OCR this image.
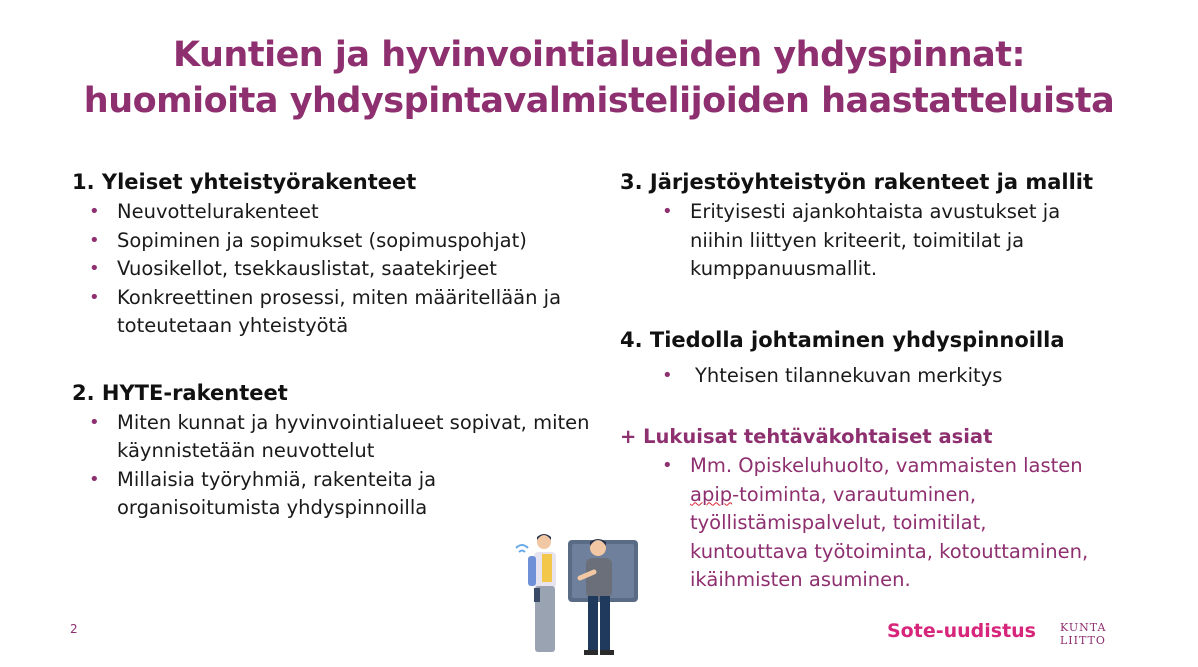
Kuntien ja hyvinvointialueiden yhdyspinnat:
huomioita yhdyspintavalmistelijoiden haastatteluista
1. Yleiset yhteistyörakenteet
• Neuvottelurakenteet
• Sopiminen ja sopimukset (sopimuspohjat)
• Vuosikellot, tsekkauslistat, saatekirjeet
• Konkreettinen prosessi, miten määritellään ja toteutetaan yhteistyötä
2. HYTE-rakenteet
• Miten kunnat ja hyvinvointialueet sopivat, miten käynnistetään neuvottelut
• Millaisia työryhmiä, rakenteita ja organisoitumista yhdyspinnoilla
3. Järjestöyhteistyön rakenteet ja mallit
• Erityisesti ajankohtaista avustukset ja niihin liittyen kriteerit, toimitilat ja kumppanuusmallit.
4. Tiedolla johtaminen yhdyspinnoilla
• Yhteisen tilannekuvan merkitys
+ Lukuisat tehtäväkohtaiset asiat
• Mm. Opiskeluhuolto, vammaisten lasten apip-toiminta, varautuminen, työllistämispalvelut, toimitilat, kuntouttava työtoiminta, kotouttaminen, ikäihmisten asuminen.
2	Sote-uudistus KUNTA
LIITTO
